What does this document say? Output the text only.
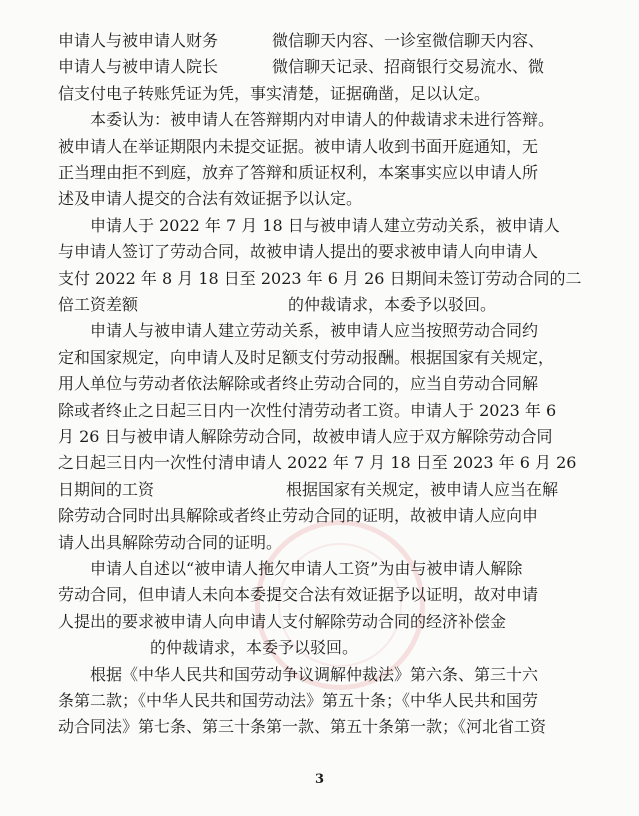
申请人与被申请人财务	微信聊天内容、一诊室微信聊天内容、
申请人与被申请人院长	微信聊天记录、招商银行交易流水、微
信支付电子转账凭证为凭，事实清楚，证据确凿，足以认定。
本委认为：被申请人在答辩期内对申请人的仲裁请求未进行答辩。
被申请人在举证期限内未提交证据。被申请人收到书面开庭通知，无
正当理由拒不到庭，放弃了答辩和质证权利，本案事实应以申请人所
述及申请人提交的合法有效证据予以认定。
申请人于 2022 年 7 月 18 日与被申请人建立劳动关系，被申请人
与申请人签订了劳动合同，故被申请人提出的要求被申请人向申请人
支付 2022 年 8 月 18 日至 2023 年 6 月 26 日期间未签订劳动合同的二
倍工资差额	的仲裁请求，本委予以驳回。
申请人与被申请人建立劳动关系，被申请人应当按照劳动合同约
定和国家规定，向申请人及时足额支付劳动报酬。根据国家有关规定，
用人单位与劳动者依法解除或者终止劳动合同的，应当自劳动合同解
除或者终止之日起三日内一次性付清劳动者工资。申请人于 2023 年 6
月 26 日与被申请人解除劳动合同，故被申请人应于双方解除劳动合同
之日起三日内一次性付清申请人 2022 年 7 月 18 日至 2023 年 6 月 26
日期间的工资	根据国家有关规定，被申请人应当在解
除劳动合同时出具解除或者终止劳动合同的证明，故被申请人应向申
请人出具解除劳动合同的证明。
申请人自述以“被申请人拖欠申请人工资”为由与被申请人解除
劳动合同，但申请人未向本委提交合法有效证据予以证明，故对申请
人提出的要求被申请人向申请人支付解除劳动合同的经济补偿金
的仲裁请求，本委予以驳回。
根据《中华人民共和国劳动争议调解仲裁法》第六条、第三十六
条第二款；《中华人民共和国劳动法》第五十条；《中华人民共和国劳
动合同法》第七条、第三十条第一款、第五十条第一款；《河北省工资
3
